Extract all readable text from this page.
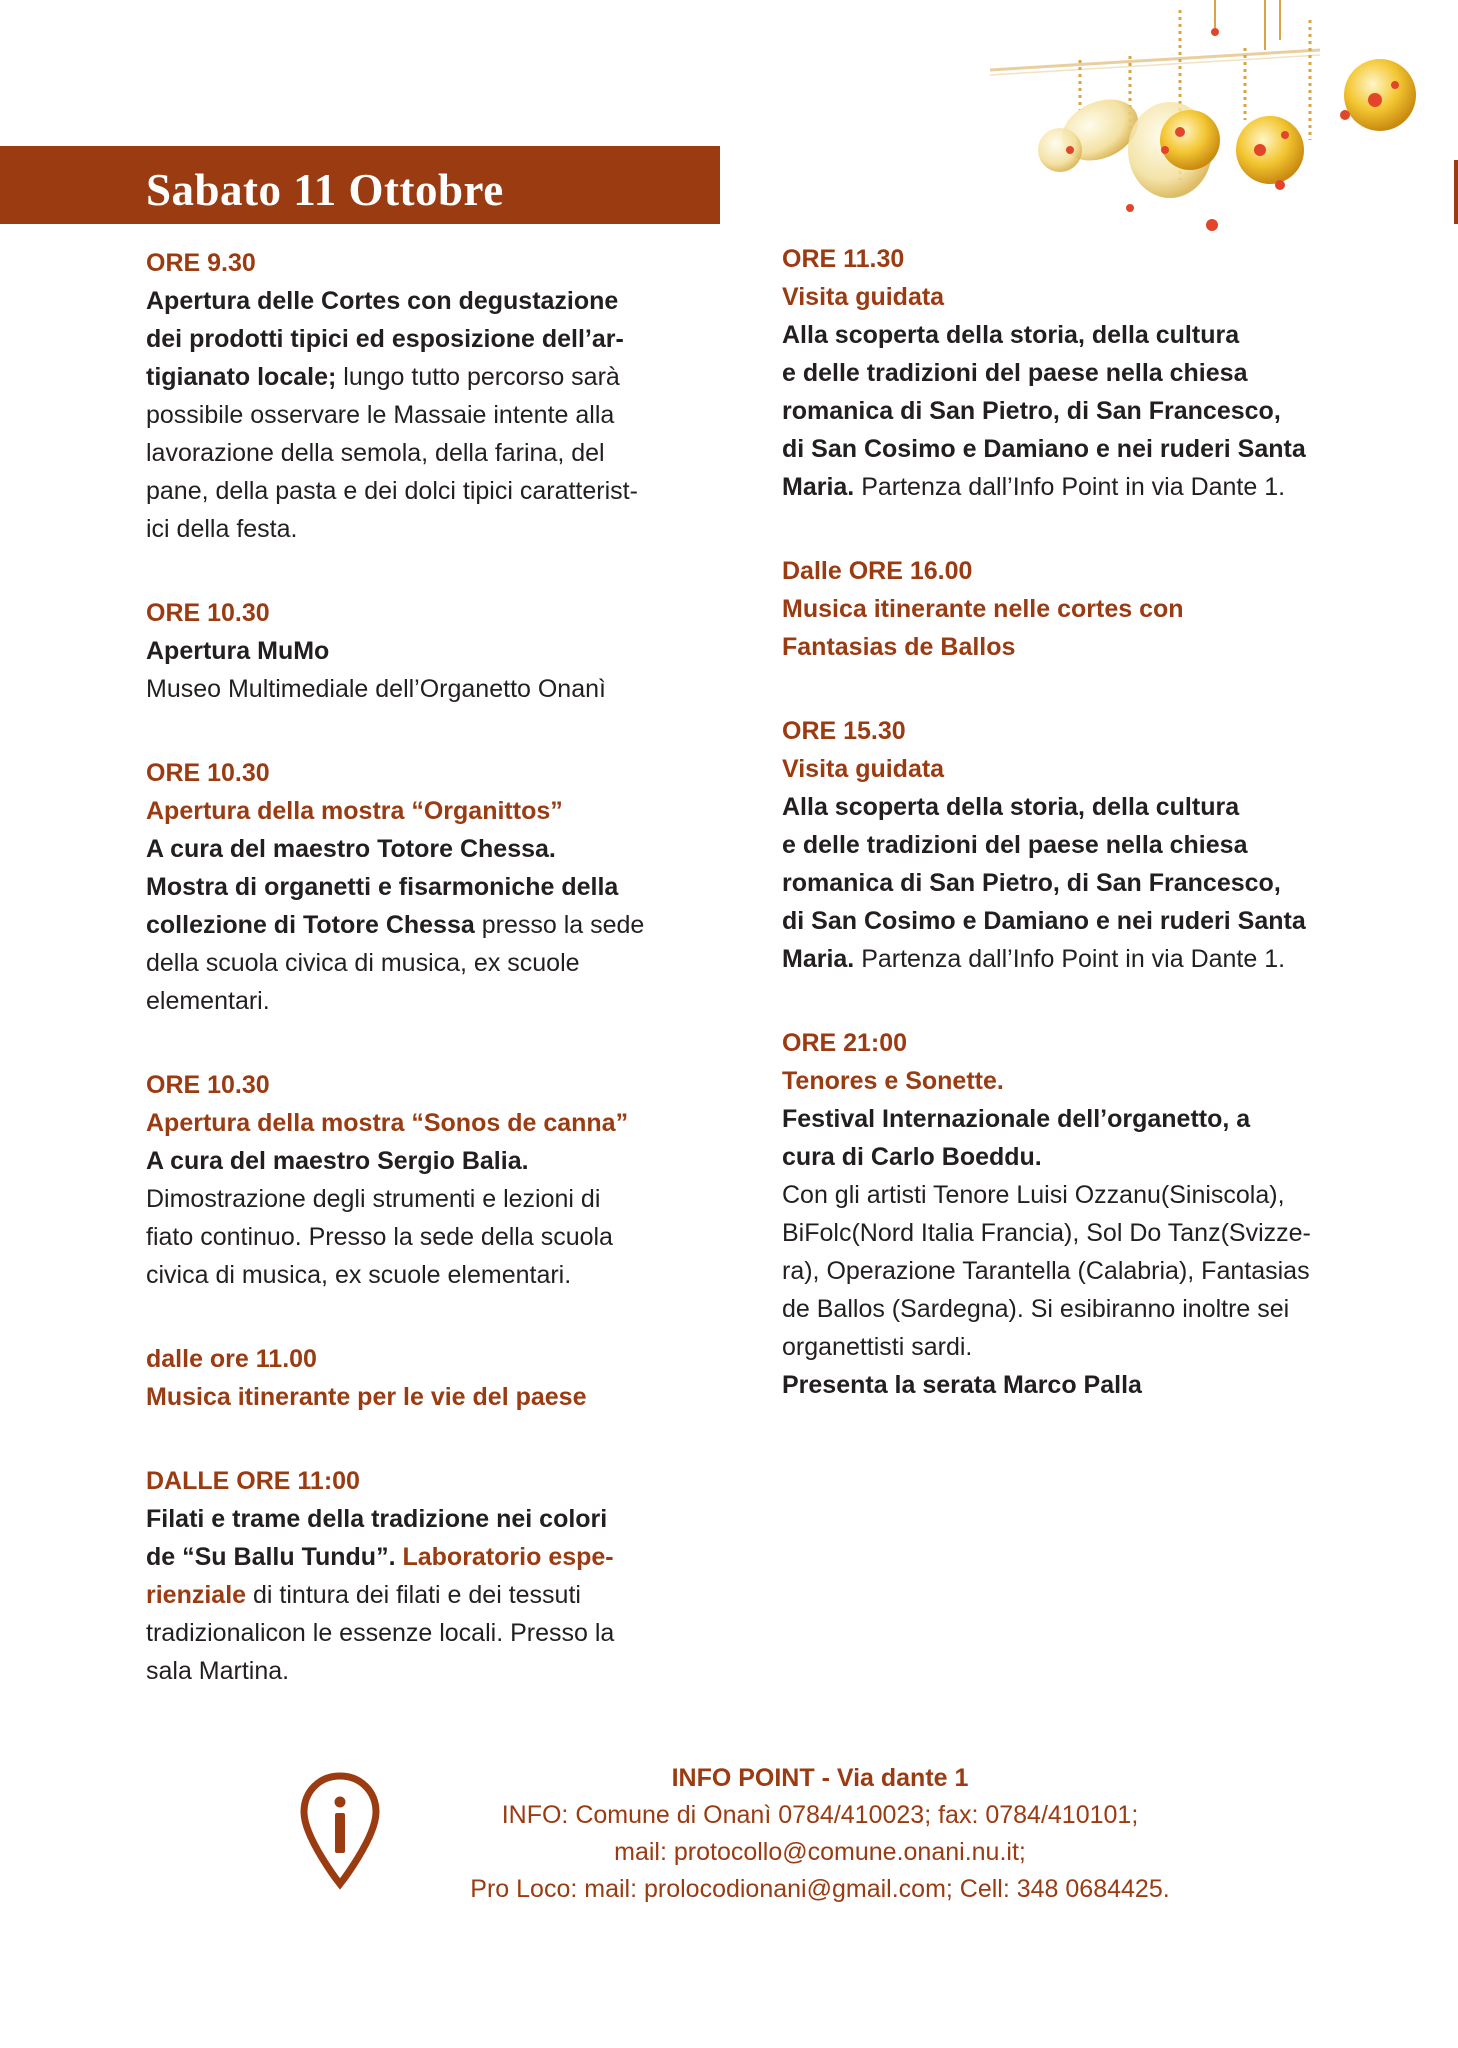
Sabato 11 Ottobre
ORE 9.30
Apertura delle Cortes con degustazione
dei prodotti tipici ed esposizione dell’ar-
tigianato locale; lungo tutto percorso sarà
possibile osservare le Massaie intente alla
lavorazione della semola, della farina, del
pane, della pasta e dei dolci tipici caratterist-
ici della festa.
ORE 10.30
Apertura MuMo
Museo Multimediale dell’Organetto Onanì
ORE 10.30
Apertura della mostra “Organittos”
A cura del maestro Totore Chessa.
Mostra di organetti e fisarmoniche della
collezione di Totore Chessa presso la sede
della scuola civica di musica, ex scuole
elementari.
ORE 10.30
Apertura della mostra “Sonos de canna”
A cura del maestro Sergio Balia.
Dimostrazione degli strumenti e lezioni di
fiato continuo. Presso la sede della scuola
civica di musica, ex scuole elementari.
dalle ore 11.00
Musica itinerante per le vie del paese
DALLE ORE 11:00
Filati e trame della tradizione nei colori
de “Su Ballu Tundu”. Laboratorio espe-
rienziale di tintura dei filati e dei tessuti
tradizionalicon le essenze locali. Presso la
sala Martina.
ORE 11.30
Visita guidata
Alla scoperta della storia, della cultura
e delle tradizioni del paese nella chiesa
romanica di San Pietro, di San Francesco,
di San Cosimo e Damiano e nei ruderi Santa
Maria. Partenza dall’Info Point in via Dante 1.
Dalle ORE 16.00
Musica itinerante nelle cortes con
Fantasias de Ballos
ORE 15.30
Visita guidata
Alla scoperta della storia, della cultura
e delle tradizioni del paese nella chiesa
romanica di San Pietro, di San Francesco,
di San Cosimo e Damiano e nei ruderi Santa
Maria. Partenza dall’Info Point in via Dante 1.
ORE 21:00
Tenores e Sonette.
Festival Internazionale dell’organetto, a
cura di Carlo Boeddu.
Con gli artisti Tenore Luisi Ozzanu(Siniscola),
BiFolc(Nord Italia Francia), Sol Do Tanz(Svizze-
ra), Operazione Tarantella (Calabria), Fantasias
de Ballos (Sardegna). Si esibiranno inoltre sei
organettisti sardi.
Presenta la serata Marco Palla
INFO POINT - Via dante 1
INFO: Comune di Onanì 0784/410023; fax: 0784/410101;
mail: protocollo@comune.onani.nu.it;
Pro Loco: mail: prolocodionani@gmail.com; Cell: 348 0684425.
